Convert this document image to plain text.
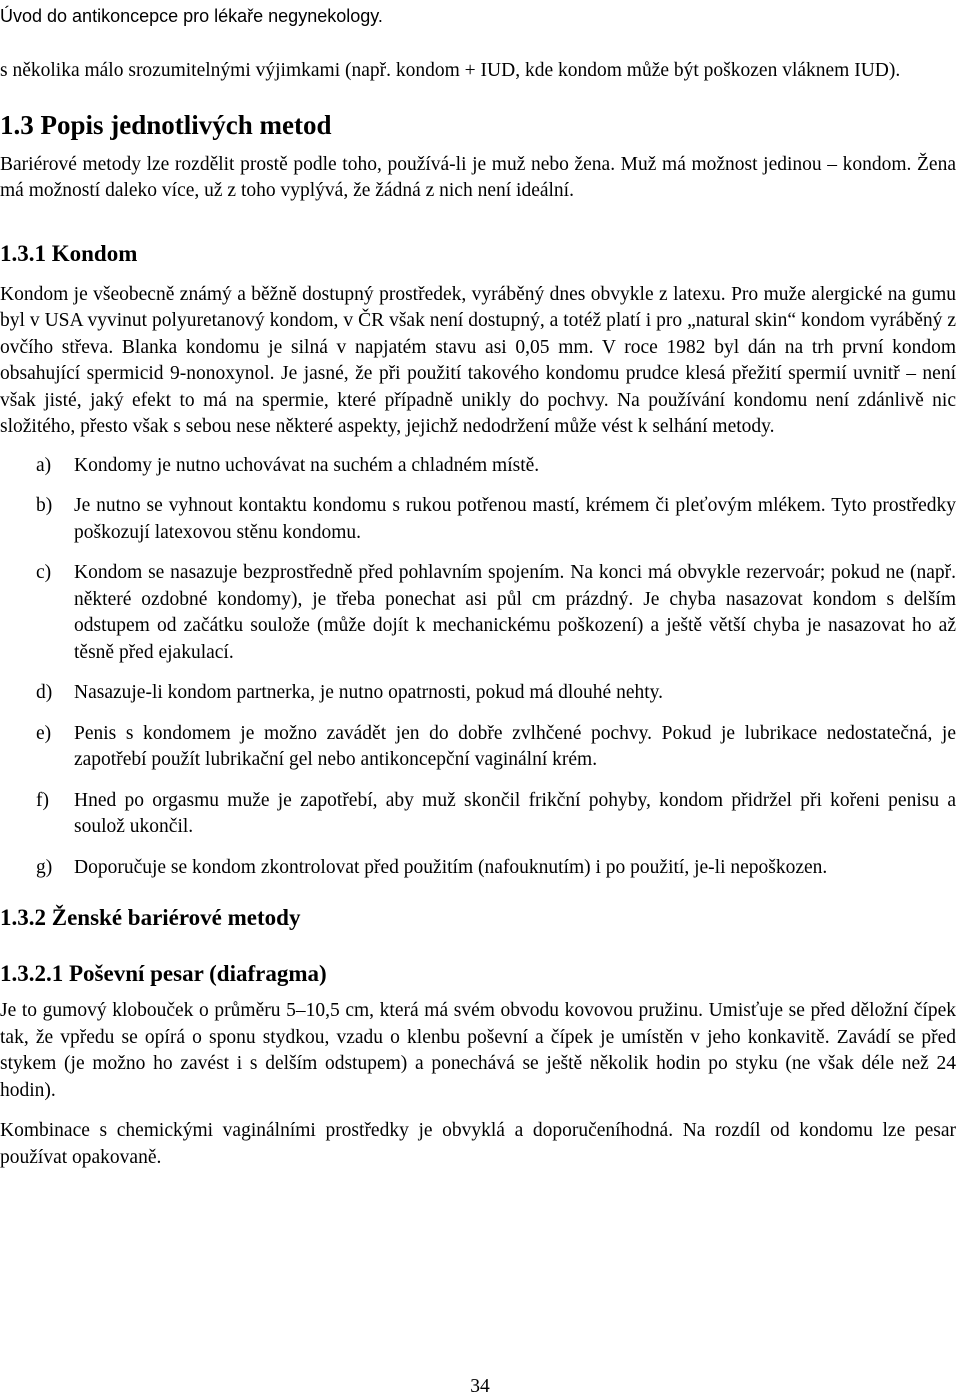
Úvod do antikoncepce pro lékaře negynekology.

s několika málo srozumitelnými výjimkami (např. kondom + IUD, kde kondom může být poškozen vláknem IUD).

1.3 Popis jednotlivých metod

Bariérové metody lze rozdělit prostě podle toho, používá-li je muž nebo žena. Muž má možnost jedinou – kondom. Žena má možností daleko více, už z toho vyplývá, že žádná z nich není ideální.

1.3.1 Kondom

Kondom je všeobecně známý a běžně dostupný prostředek, vyráběný dnes obvykle z latexu. Pro muže alergické na gumu byl v USA vyvinut polyuretanový kondom, v ČR však není dostupný, a totéž platí i pro „natural skin“ kondom vyráběný z ovčího střeva. Blanka kondomu je silná v napjatém stavu asi 0,05 mm. V roce 1982 byl dán na trh první kondom obsahující spermicid 9-nonoxynol. Je jasné, že při použití takového kondomu prudce klesá přežití spermií uvnitř – není však jisté, jaký efekt to má na spermie, které případně unikly do pochvy. Na používání kondomu není zdánlivě nic složitého, přesto však s sebou nese některé aspekty, jejichž nedodržení může vést k selhání metody.

a) Kondomy je nutno uchovávat na suchém a chladném místě.
b) Je nutno se vyhnout kontaktu kondomu s rukou potřenou mastí, krémem či pleťovým mlékem. Tyto prostředky poškozují latexovou stěnu kondomu.
c) Kondom se nasazuje bezprostředně před pohlavním spojením. Na konci má obvykle rezervoár; pokud ne (např. některé ozdobné kondomy), je třeba ponechat asi půl cm prázdný. Je chyba nasazovat kondom s delším odstupem od začátku soulože (může dojít k mechanickému poškození) a ještě větší chyba je nasazovat ho až těsně před ejakulací.
d) Nasazuje-li kondom partnerka, je nutno opatrnosti, pokud má dlouhé nehty.
e) Penis s kondomem je možno zavádět jen do dobře zvlhčené pochvy. Pokud je lubrikace nedostatečná, je zapotřebí použít lubrikační gel nebo antikoncepční vaginální krém.
f) Hned po orgasmu muže je zapotřebí, aby muž skončil frikční pohyby, kondom přidržel při kořeni penisu a soulož ukončil.
g) Doporučuje se kondom zkontrolovat před použitím (nafouknutím) i po použití, je-li nepoškozen.
1.3.2 Ženské bariérové metody
1.3.2.1 Poševní pesar (diafragma)

Je to gumový klobouček o průměru 5–10,5 cm, která má svém obvodu kovovou pružinu. Umisťuje se před děložní čípek tak, že vpředu se opírá o sponu stydkou, vzadu o klenbu poševní a čípek je umístěn v jeho konkavitě. Zavádí se před stykem (je možno ho zavést i s delším odstupem) a ponechává se ještě několik hodin po styku (ne však déle než 24 hodin).

Kombinace s chemickými vaginálními prostředky je obvyklá a doporučeníhodná. Na rozdíl od kondomu lze pesar používat opakovaně.

34
